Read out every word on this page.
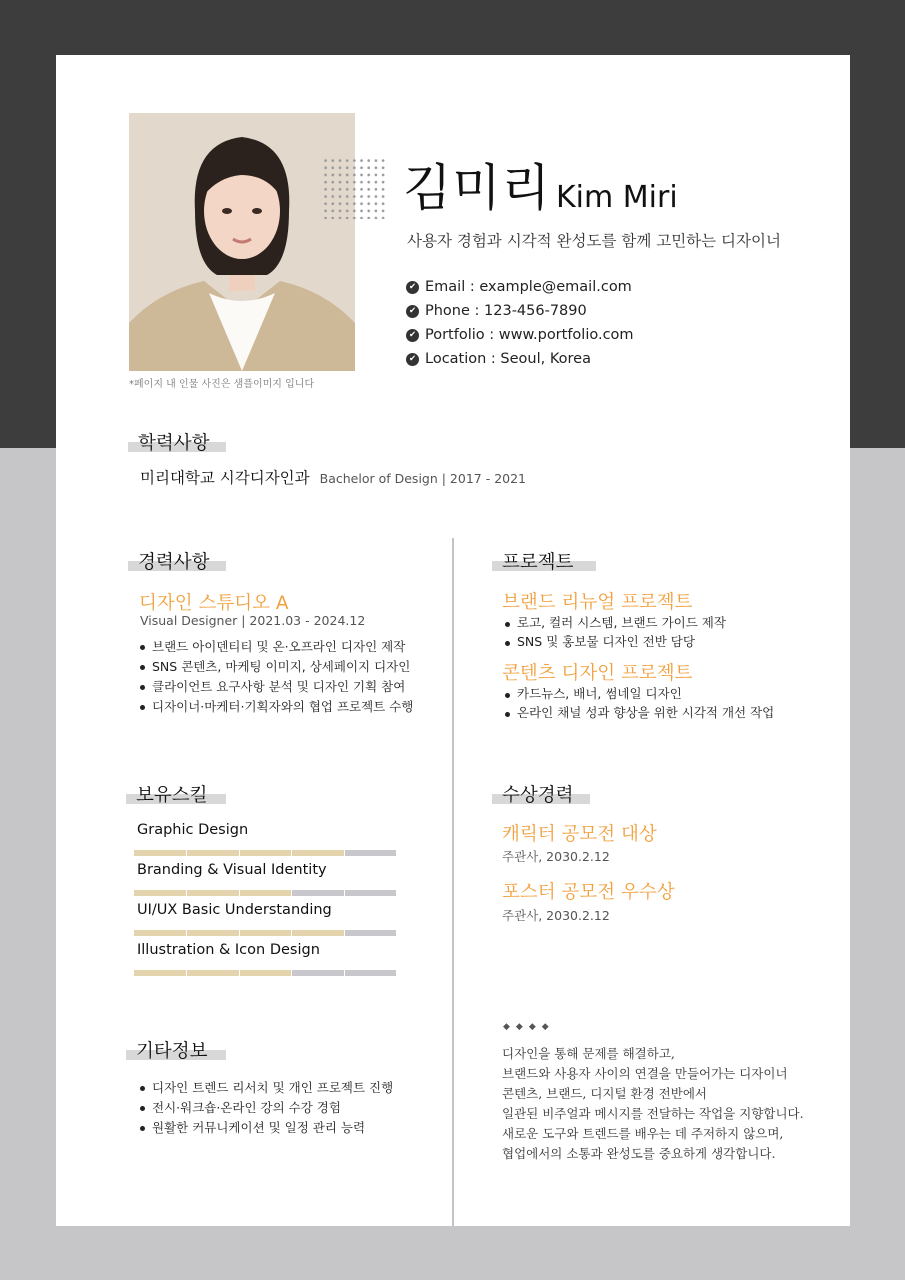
*페이지 내 인물 사진은 샘플이미지 입니다
김미리 Kim Miri
사용자 경험과 시각적 완성도를 함께 고민하는 디자이너
✔ Email : example@email.com
✔ Phone : 123-456-7890
✔ Portfolio : www.portfolio.com
✔ Location : Seoul, Korea
학력사항
미리대학교 시각디자인과 Bachelor of Design | 2017 - 2021
경력사항
디자인 스튜디오 A
Visual Designer | 2021.03 - 2024.12
브랜드 아이덴티티 및 온·오프라인 디자인 제작
SNS 콘텐츠, 마케팅 이미지, 상세페이지 디자인
클라이언트 요구사항 분석 및 디자인 기획 참여
디자이너·마케터·기획자와의 협업 프로젝트 수행
프로젝트
브랜드 리뉴얼 프로젝트
로고, 컬러 시스템, 브랜드 가이드 제작
SNS 및 홍보물 디자인 전반 담당
콘텐츠 디자인 프로젝트
카드뉴스, 배너, 썸네일 디자인
온라인 채널 성과 향상을 위한 시각적 개선 작업
보유스킬
Graphic Design
Branding & Visual Identity
UI/UX Basic Understanding
Illustration & Icon Design
수상경력
캐릭터 공모전 대상
주관사, 2030.2.12
포스터 공모전 우수상
주관사, 2030.2.12
기타정보
디자인 트렌드 리서치 및 개인 프로젝트 진행
전시·워크숍·온라인 강의 수강 경험
원활한 커뮤니케이션 및 일정 관리 능력
◆◆◆◆
디자인을 통해 문제를 해결하고,
브랜드와 사용자 사이의 연결을 만들어가는 디자이너
콘텐츠, 브랜드, 디지털 환경 전반에서
일관된 비주얼과 메시지를 전달하는 작업을 지향합니다.
새로운 도구와 트렌드를 배우는 데 주저하지 않으며,
협업에서의 소통과 완성도를 중요하게 생각합니다.
